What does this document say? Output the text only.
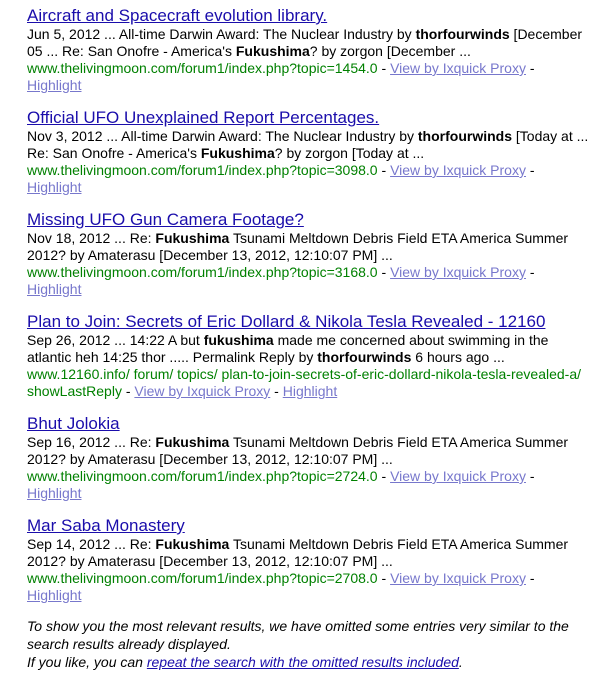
Aircraft and Spacecraft evolution library.
Jun 5, 2012 ... All-time Darwin Award: The Nuclear Industry by thorfourwinds [December 05 ... Re: San Onofre - America's Fukushima? by zorgon [December ...
www.thelivingmoon.com/forum1/index.php?topic=1454.0 - View by Ixquick Proxy - Highlight
Official UFO Unexplained Report Percentages.
Nov 3, 2012 ... All-time Darwin Award: The Nuclear Industry by thorfourwinds [Today at ... Re: San Onofre - America's Fukushima? by zorgon [Today at ...
www.thelivingmoon.com/forum1/index.php?topic=3098.0 - View by Ixquick Proxy - Highlight
Missing UFO Gun Camera Footage?
Nov 18, 2012 ... Re: Fukushima Tsunami Meltdown Debris Field ETA America Summer 2012? by Amaterasu [December 13, 2012, 12:10:07 PM] ...
www.thelivingmoon.com/forum1/index.php?topic=3168.0 - View by Ixquick Proxy - Highlight
Plan to Join: Secrets of Eric Dollard & Nikola Tesla Revealed - 12160
Sep 26, 2012 ... 14:22 A but fukushima made me concerned about swimming in the atlantic heh 14:25 thor ..... Permalink Reply by thorfourwinds 6 hours ago ...
www.12160.info/ forum/ topics/ plan-to-join-secrets-of-eric-dollard-nikola-tesla-revealed-a/ showLastReply - View by Ixquick Proxy - Highlight
Bhut Jolokia
Sep 16, 2012 ... Re: Fukushima Tsunami Meltdown Debris Field ETA America Summer 2012? by Amaterasu [December 13, 2012, 12:10:07 PM] ...
www.thelivingmoon.com/forum1/index.php?topic=2724.0 - View by Ixquick Proxy - Highlight
Mar Saba Monastery
Sep 14, 2012 ... Re: Fukushima Tsunami Meltdown Debris Field ETA America Summer 2012? by Amaterasu [December 13, 2012, 12:10:07 PM] ...
www.thelivingmoon.com/forum1/index.php?topic=2708.0 - View by Ixquick Proxy - Highlight
To show you the most relevant results, we have omitted some entries very similar to the search results already displayed.
If you like, you can repeat the search with the omitted results included.
